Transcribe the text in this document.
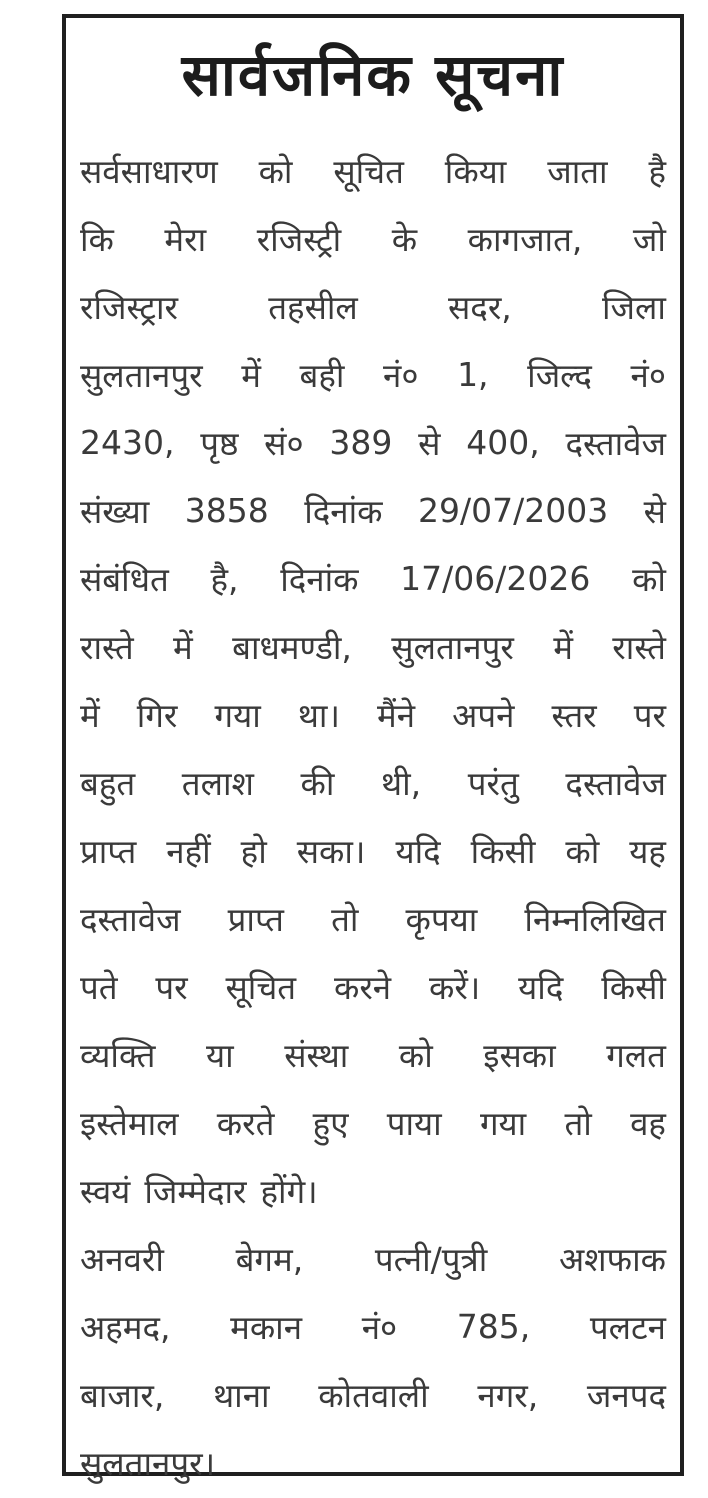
सार्वजनिक सूचना
सर्वसाधारण को सूचित किया जाता है
कि मेरा रजिस्ट्री के कागजात, जो
रजिस्ट्रार	तहसील	सदर,	जिला
सुलतानपुर में बही नं० 1, जिल्द नं०
2430, पृष्ठ सं० 389 से 400, दस्तावेज
संख्या 3858 दिनांक 29/07/2003 से
संबंधित है, दिनांक 17/06/2026 को
रास्ते में बाधमण्डी, सुलतानपुर में रास्ते
में गिर गया था। मैंने अपने स्तर पर
बहुत तलाश की थी, परंतु दस्तावेज
प्राप्त नहीं हो सका। यदि किसी को यह
दस्तावेज प्राप्त तो कृपया निम्नलिखित
पते पर सूचित करने करें। यदि किसी
व्यक्ति या संस्था को इसका गलत
इस्तेमाल करते हुए पाया गया तो वह
स्वयं जिम्मेदार होंगे।
अनवरी बेगम, पत्नी/पुत्री अशफाक
अहमद, मकान नं० 785, पलटन
बाजार, थाना कोतवाली नगर, जनपद
सुलतानपुर।
